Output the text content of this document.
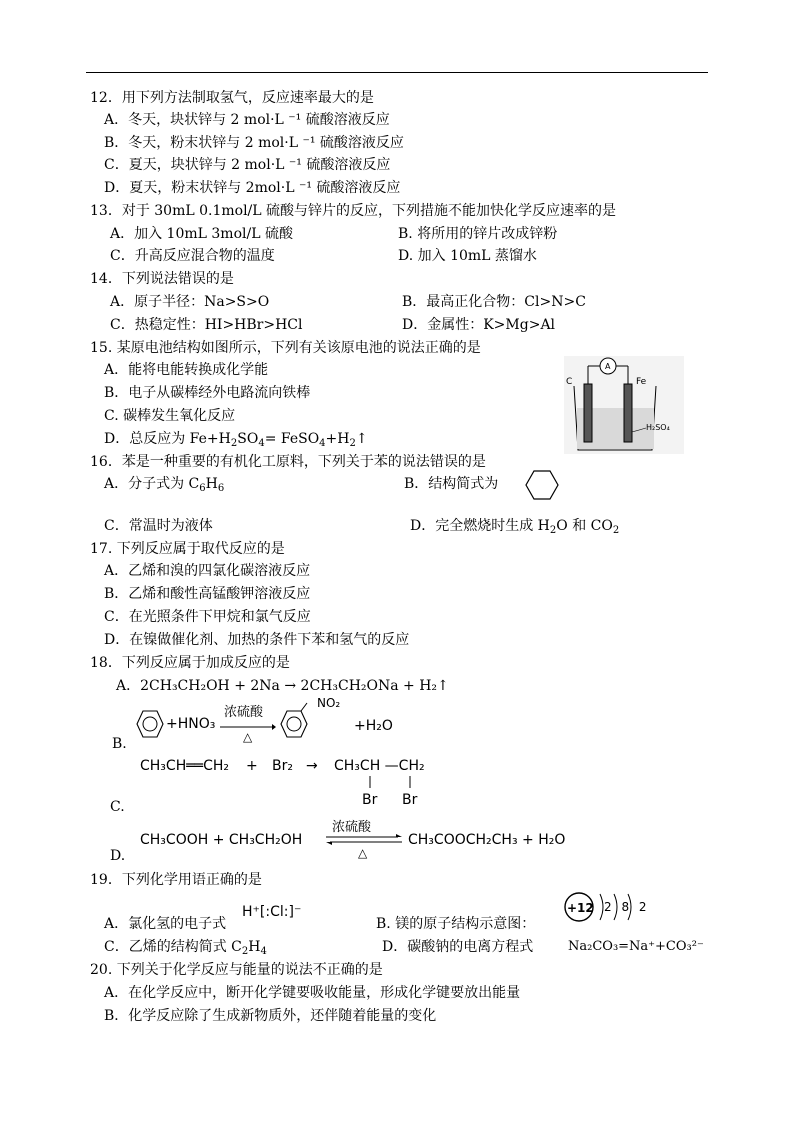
12．用下列方法制取氢气，反应速率最大的是
A．冬天，块状锌与 2 mol·L ⁻¹ 硫酸溶液反应
B．冬天，粉末状锌与 2 mol·L ⁻¹ 硫酸溶液反应
C．夏天，块状锌与 2 mol·L ⁻¹ 硫酸溶液反应
D．夏天，粉末状锌与 2mol·L ⁻¹ 硫酸溶液反应
13．对于 30mL 0.1mol/L 硫酸与锌片的反应，下列措施不能加快化学反应速率的是
A．加入 10mL 3mol/L 硫酸	B. 将所用的锌片改成锌粉
C．升高反应混合物的温度	D. 加入 10mL 蒸馏水
14．下列说法错误的是
A．原子半径：Na>S>O	B．最高正化合物：Cl>N>C
C．热稳定性：HI>HBr>HCl	D．金属性：K>Mg>Al
15. 某原电池结构如图所示，下列有关该原电池的说法正确的是
A．能将电能转换成化学能
B．电子从碳棒经外电路流向铁棒
C. 碳棒发生氧化反应
D．总反应为 $Fe+H_2SO_4=$ $FeSO_4+H_2↑$
C
A
Fe
H₂SO₄
16．苯是一种重要的有机化工原料，下列关于苯的说法错误的是
A．分子式为 $C_6H_6$	B．结构简式为
C．常温时为液体	D．完全燃烧时生成 $H_2O$ 和 $CO_2$
17. 下列反应属于取代反应的是
A．乙烯和溴的四氯化碳溶液反应
B．乙烯和酸性高锰酸钾溶液反应
C．在光照条件下甲烷和氯气反应
D．在镍做催化剂、加热的条件下苯和氢气的反应
18．下列反应属于加成反应的是
A．2CH₃CH₂OH + 2Na → 2CH₃CH₂ONa + H₂↑
B.
+HNO₃
浓硫酸
△
NO₂
+H₂O
CH₃CH══CH₂ + Br₂ → CH₃CH —CH₂
Br Br
C.
CH₃COOH + CH₃CH₂OH
浓硫酸
△
CH₃COOCH₂CH₃ + H₂O
D.
19．下列化学用语正确的是
A．氯化氢的电子式
H⁺[:Cl:]⁻
B. 镁的原子结构示意图：
+12 2 8 2
C．乙烯的结构简式 $C_2H_4$	D．碳酸钠的电离方程式	Na₂CO₃=Na⁺+CO₃²⁻
20. 下列关于化学反应与能量的说法不正确的是
A．在化学反应中，断开化学键要吸收能量，形成化学键要放出能量
B．化学反应除了生成新物质外，还伴随着能量的变化
